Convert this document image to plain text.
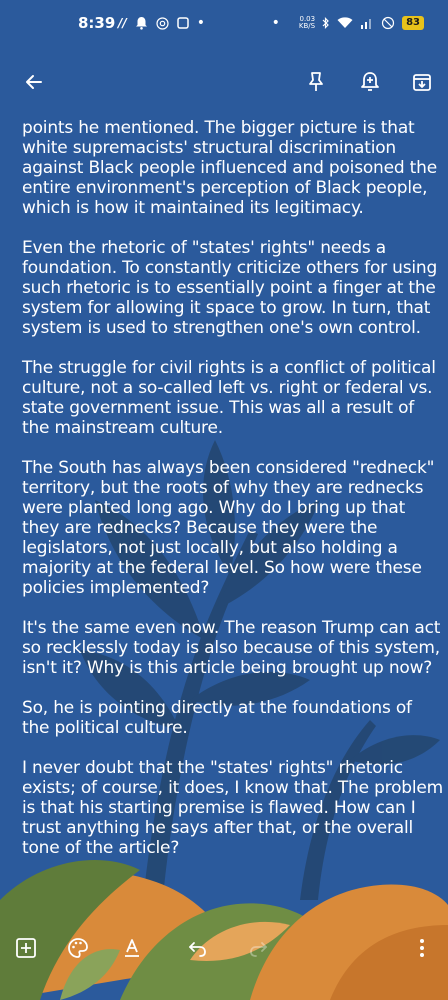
8:39 //	•	•	0.03
KB/S	83

points he mentioned. The bigger picture is that white supremacists' structural discrimination against Black people influenced and poisoned the entire environment's perception of Black people, which is how it maintained its legitimacy.

Even the rhetoric of "states' rights" needs a foundation. To constantly criticize others for using such rhetoric is to essentially point a finger at the system for allowing it space to grow. In turn, that system is used to strengthen one's own control.

The struggle for civil rights is a conflict of political culture, not a so-called left vs. right or federal vs. state government issue. This was all a result of the mainstream culture.

The South has always been considered "redneck" territory, but the roots of why they are rednecks were planted long ago. Why do I bring up that they are rednecks? Because they were the legislators, not just locally, but also holding a majority at the federal level. So how were these policies implemented?

It's the same even now. The reason Trump can act so recklessly today is also because of this system, isn't it? Why is this article being brought up now?

So, he is pointing directly at the foundations of the political culture.

I never doubt that the "states' rights" rhetoric exists; of course, it does, I know that. The problem is that his starting premise is flawed. How can I trust anything he says after that, or the overall tone of the article?
